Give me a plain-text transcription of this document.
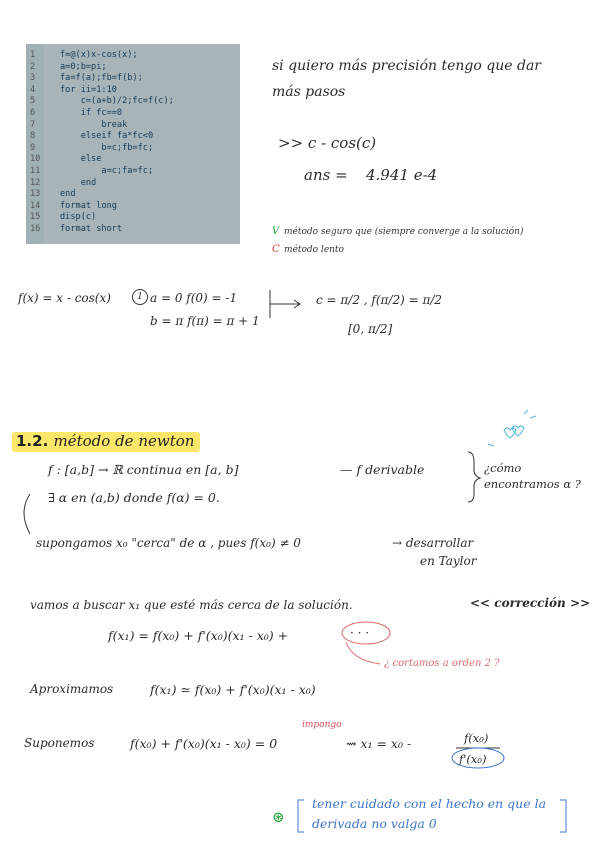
1	f=@(x)x-cos(x);
2	a=0;b=pi;
3	fa=f(a);fb=f(b);
4	for ii=1:10
5	c=(a+b)/2;fc=f(c);
6	if fc==0
7	break
8	elseif fa*fc<0
9	b=c;fb=fc;
10 else
11 a=c;fa=fc;
12 end
13 end
14 format long
15 disp(c)
16 format short
si quiero más precisión tengo que dar
más pasos
>> c - cos(c)
ans = 4.941 e-4
V método seguro que (siempre converge a la solución)
C método lento
f(x) = x - cos(x)	1 a = 0 f(0) = -1
b = π f(π) = π + 1
c = π/2 , f(π/2) = π/2
[0, π/2]
1.2. método de newton
f : [a,b] → ℝ continua en [a, b]	— f derivable	¿cómo encontramos α ?
∃ α en (a,b) donde f(α) = 0.
supongamos x₀ "cerca" de α , pues f(x₀) ≠ 0	→ desarrollar
en Taylor
vamos a buscar x₁ que esté más cerca de la solución.	<< corrección >>
f(x₁) = f(x₀) + f'(x₀)(x₁ - x₀) +	· · ·
¿ cortamos a orden 2 ?
Aproximamos	f(x₁) ≃ f(x₀) + f'(x₀)(x₁ - x₀)
Suponemos	f(x₀) + f'(x₀)(x₁ - x₀) = 0
impongo
⇝ x₁ = x₀ -	f(x₀)
f'(x₀)
⊛
tener cuidado con el hecho en que la
derivada no valga 0
